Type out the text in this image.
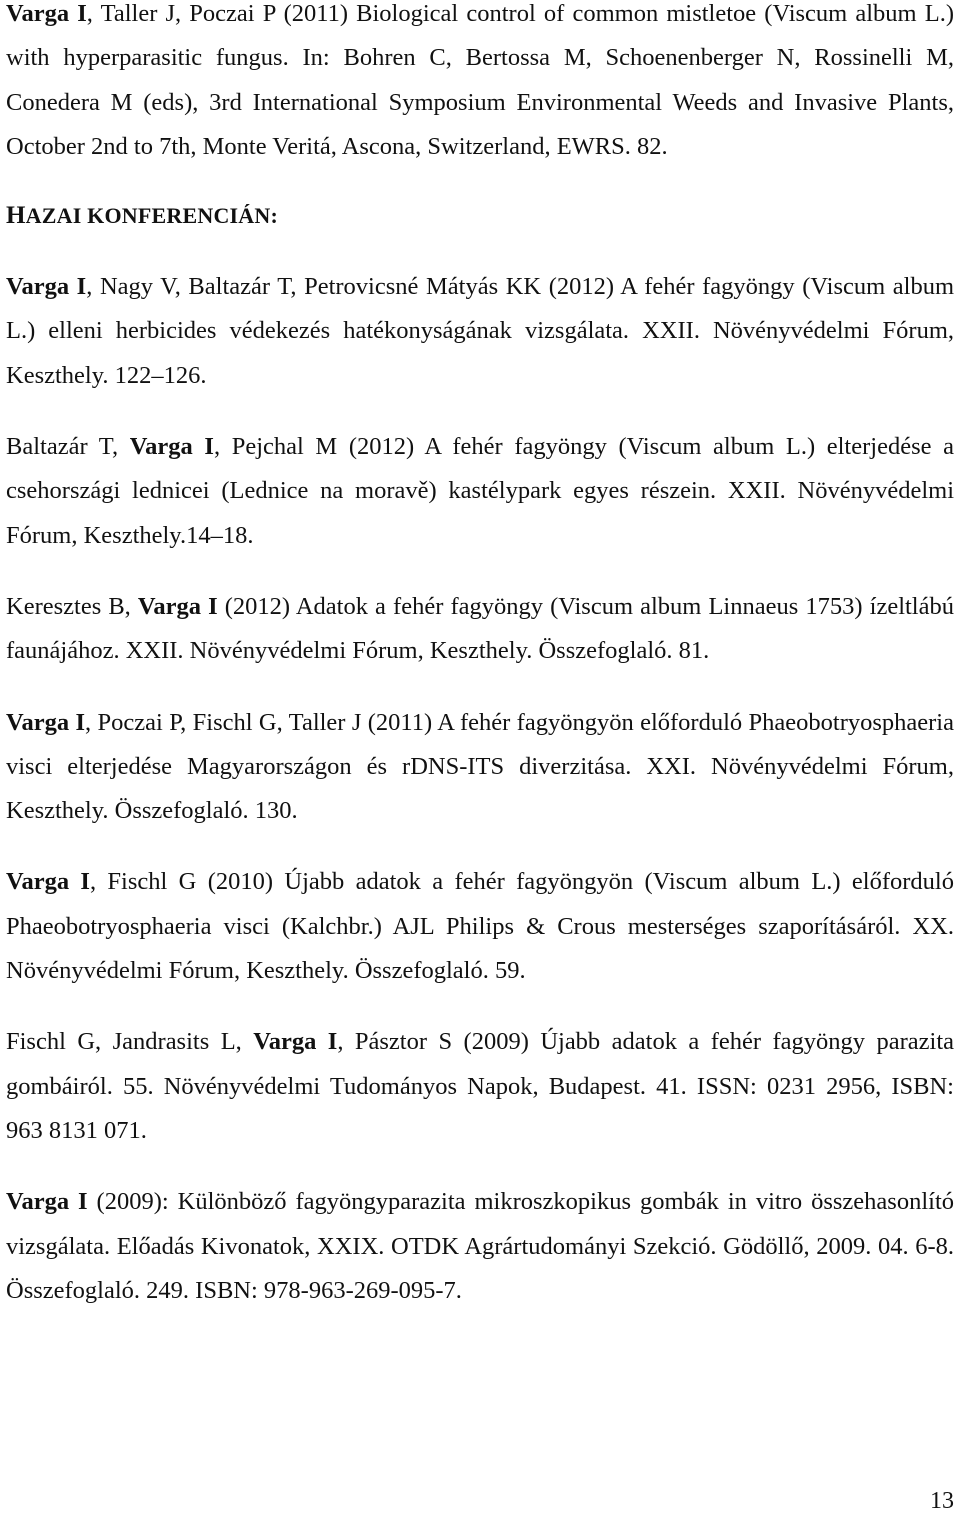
Varga I, Taller J, Poczai P (2011) Biological control of common mistletoe (Viscum album L.) with hyperparasitic fungus. In: Bohren C, Bertossa M, Schoenenberger N, Rossinelli M, Conedera M (eds), 3rd International Symposium Environmental Weeds and Invasive Plants, October 2nd to 7th, Monte Veritá, Ascona, Switzerland, EWRS. 82.

HAZAI KONFERENCIÁN:

Varga I, Nagy V, Baltazár T, Petrovicsné Mátyás KK (2012) A fehér fagyöngy (Viscum album L.) elleni herbicides védekezés hatékonyságának vizsgálata. XXII. Növényvédelmi Fórum, Keszthely. 122–126.

Baltazár T, Varga I, Pejchal M (2012) A fehér fagyöngy (Viscum album L.) elterjedése a csehországi lednicei (Lednice na moravě) kastélypark egyes részein. XXII. Növényvédelmi Fórum, Keszthely.14–18.

Keresztes B, Varga I (2012) Adatok a fehér fagyöngy (Viscum album Linnaeus 1753) ízeltlábú faunájához. XXII. Növényvédelmi Fórum, Keszthely. Összefoglaló. 81.

Varga I, Poczai P, Fischl G, Taller J (2011) A fehér fagyöngyön előforduló Phaeobotryosphaeria visci elterjedése Magyarországon és rDNS-ITS diverzitása. XXI. Növényvédelmi Fórum, Keszthely. Összefoglaló. 130.

Varga I, Fischl G (2010) Újabb adatok a fehér fagyöngyön (Viscum album L.) előforduló Phaeobotryosphaeria visci (Kalchbr.) AJL Philips & Crous mesterséges szaporításáról. XX. Növényvédelmi Fórum, Keszthely. Összefoglaló. 59.

Fischl G, Jandrasits L, Varga I, Pásztor S (2009) Újabb adatok a fehér fagyöngy parazita gombáiról. 55. Növényvédelmi Tudományos Napok, Budapest. 41. ISSN: 0231 2956, ISBN: 963 8131 071.

Varga I (2009): Különböző fagyöngyparazita mikroszkopikus gombák in vitro összehasonlító vizsgálata. Előadás Kivonatok, XXIX. OTDK Agrártudományi Szekció. Gödöllő, 2009. 04. 6-8. Összefoglaló. 249. ISBN: 978-963-269-095-7.

13
